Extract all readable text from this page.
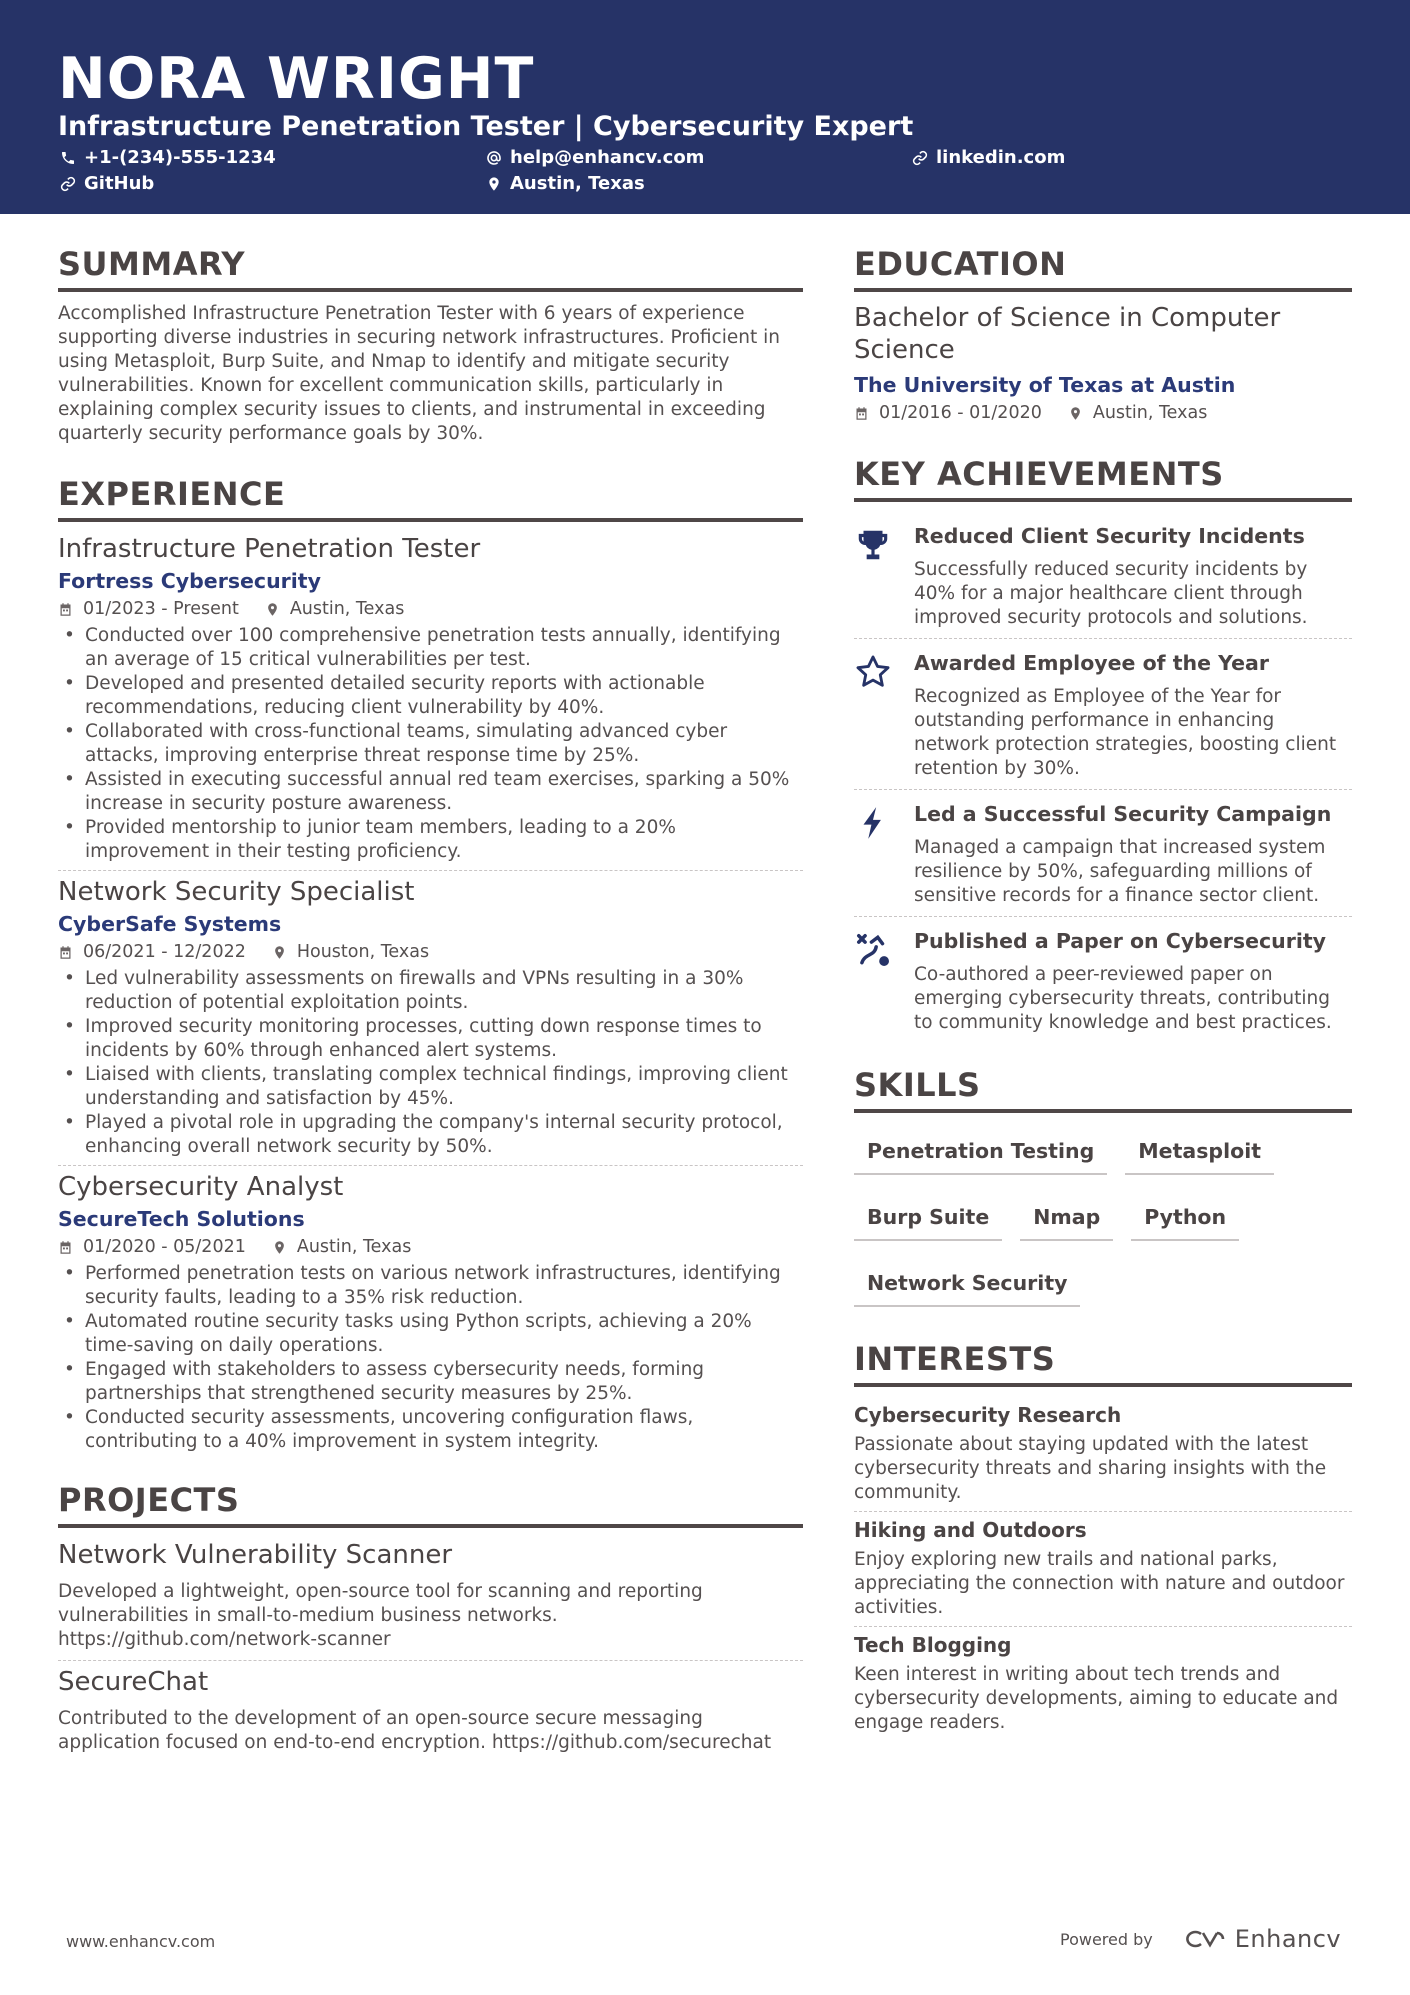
NORA WRIGHT
Infrastructure Penetration Tester | Cybersecurity Expert
+1-(234)-555-1234	help@enhancv.com	linkedin.com
GitHub	Austin, Texas
SUMMARY
Accomplished Infrastructure Penetration Tester with 6 years of experience supporting diverse industries in securing network infrastructures. Proficient in using Metasploit, Burp Suite, and Nmap to identify and mitigate security vulnerabilities. Known for excellent communication skills, particularly in explaining complex security issues to clients, and instrumental in exceeding quarterly security performance goals by 30%.
EXPERIENCE
Infrastructure Penetration Tester
Fortress Cybersecurity
01/2023 - Present	Austin, Texas
• Conducted over 100 comprehensive penetration tests annually, identifying an average of 15 critical vulnerabilities per test.
• Developed and presented detailed security reports with actionable recommendations, reducing client vulnerability by 40%.
• Collaborated with cross-functional teams, simulating advanced cyber attacks, improving enterprise threat response time by 25%.
• Assisted in executing successful annual red team exercises, sparking a 50% increase in security posture awareness.
• Provided mentorship to junior team members, leading to a 20% improvement in their testing proficiency.
Network Security Specialist
CyberSafe Systems
06/2021 - 12/2022	Houston, Texas
• Led vulnerability assessments on firewalls and VPNs resulting in a 30% reduction of potential exploitation points.
• Improved security monitoring processes, cutting down response times to incidents by 60% through enhanced alert systems.
• Liaised with clients, translating complex technical findings, improving client understanding and satisfaction by 45%.
• Played a pivotal role in upgrading the company's internal security protocol, enhancing overall network security by 50%.
Cybersecurity Analyst
SecureTech Solutions
01/2020 - 05/2021	Austin, Texas
• Performed penetration tests on various network infrastructures, identifying security faults, leading to a 35% risk reduction.
• Automated routine security tasks using Python scripts, achieving a 20% time-saving on daily operations.
• Engaged with stakeholders to assess cybersecurity needs, forming partnerships that strengthened security measures by 25%.
• Conducted security assessments, uncovering configuration flaws, contributing to a 40% improvement in system integrity.
PROJECTS
Network Vulnerability Scanner
Developed a lightweight, open-source tool for scanning and reporting vulnerabilities in small-to-medium business networks. https://github.com/network-scanner
SecureChat
Contributed to the development of an open-source secure messaging application focused on end-to-end encryption. https://github.com/securechat
EDUCATION
Bachelor of Science in Computer Science
The University of Texas at Austin
01/2016 - 01/2020	Austin, Texas
KEY ACHIEVEMENTS
Reduced Client Security Incidents
Successfully reduced security incidents by 40% for a major healthcare client through improved security protocols and solutions.
Awarded Employee of the Year
Recognized as Employee of the Year for outstanding performance in enhancing network protection strategies, boosting client retention by 30%.
Led a Successful Security Campaign
Managed a campaign that increased system resilience by 50%, safeguarding millions of sensitive records for a finance sector client.
Published a Paper on Cybersecurity
Co-authored a peer-reviewed paper on emerging cybersecurity threats, contributing to community knowledge and best practices.
SKILLS
Penetration Testing	Metasploit
Burp Suite	Nmap	Python
Network Security
INTERESTS
Cybersecurity Research
Passionate about staying updated with the latest cybersecurity threats and sharing insights with the community.
Hiking and Outdoors
Enjoy exploring new trails and national parks, appreciating the connection with nature and outdoor activities.
Tech Blogging
Keen interest in writing about tech trends and cybersecurity developments, aiming to educate and engage readers.
www.enhancv.com	Powered by	Enhancv
